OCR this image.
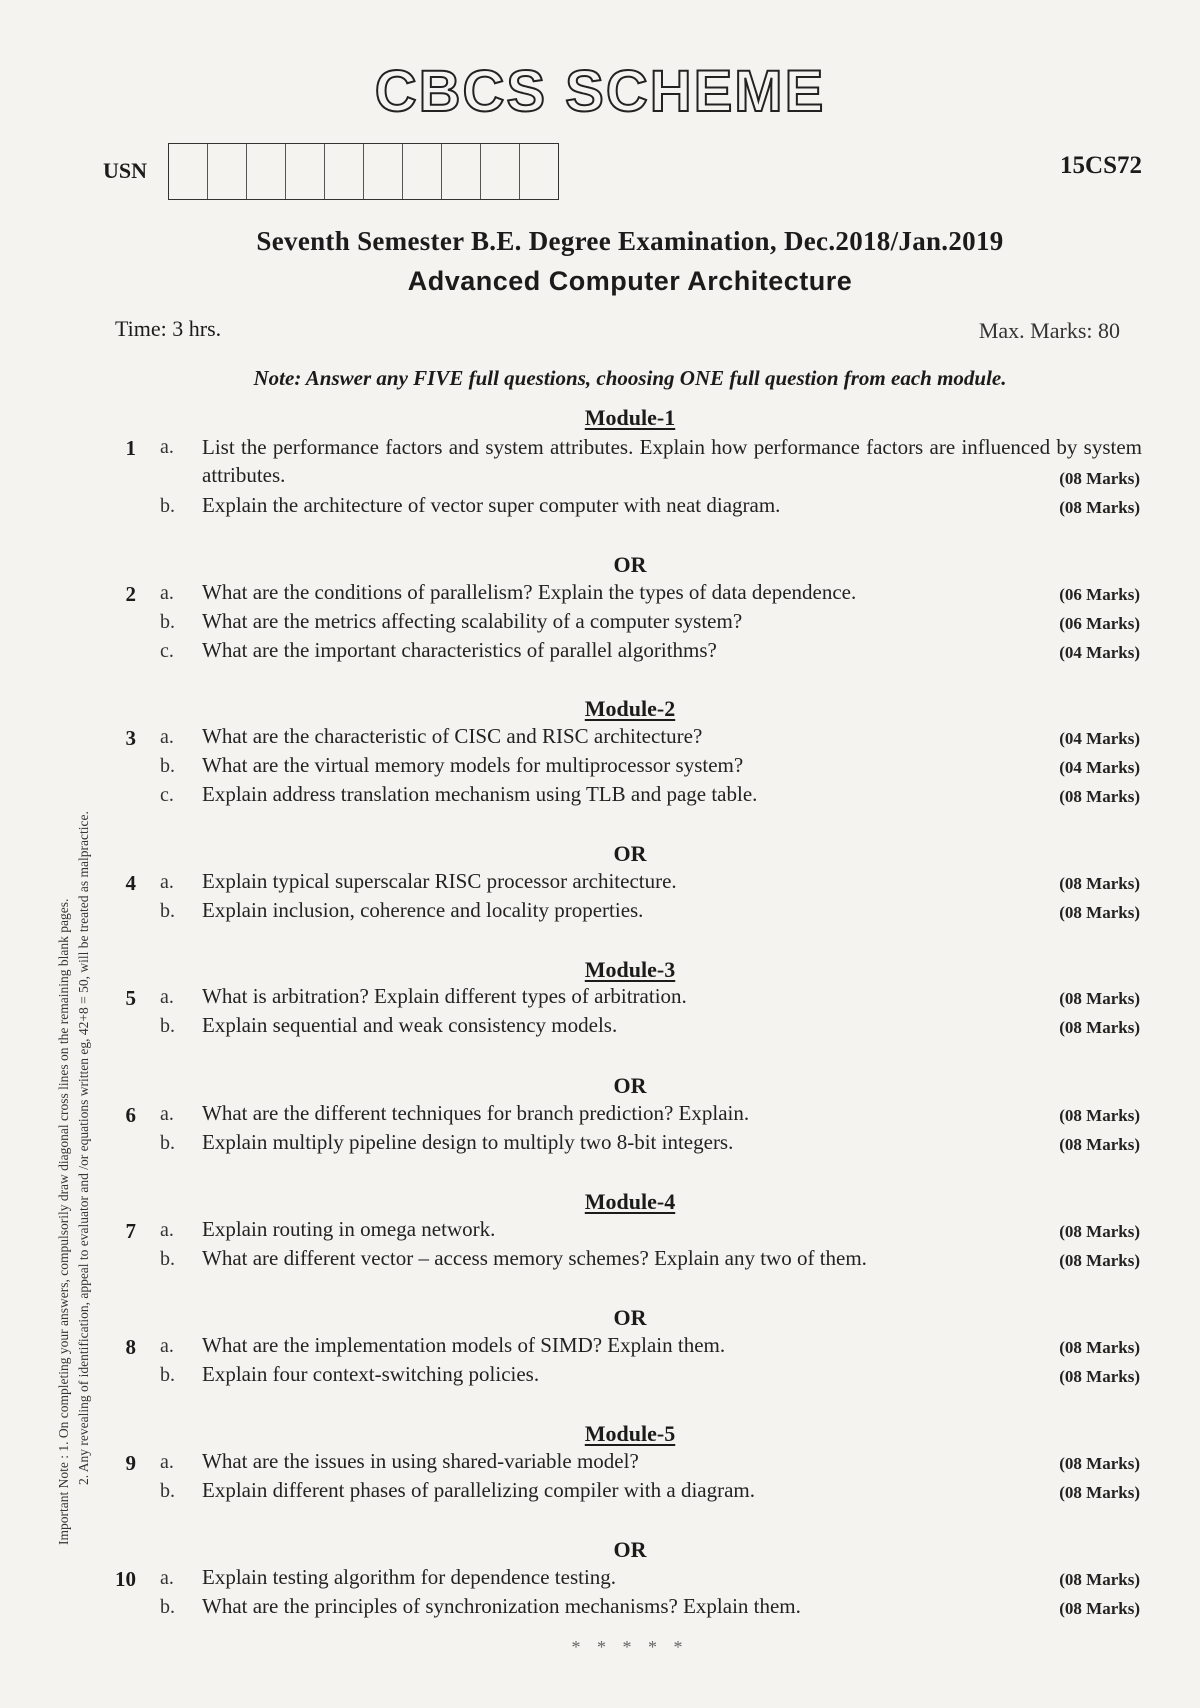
CBCS SCHEME
USN	15CS72
Seventh Semester B.E. Degree Examination, Dec.2018/Jan.2019
Advanced Computer Architecture
Time: 3 hrs.	Max. Marks: 80
Note: Answer any FIVE full questions, choosing ONE full question from each module.
Important Note : 1. On completing your answers, compulsorily draw diagonal cross lines on the remaining blank pages. 2. Any revealing of identification, appeal to evaluator and /or equations written eg, 42+8 = 50, will be treated as malpractice.
Module-1
1 a. List the performance factors and system attributes. Explain how performance factors are influenced by system attributes.	(08 Marks)
b. Explain the architecture of vector super computer with neat diagram.	(08 Marks)
OR
2 a. What are the conditions of parallelism? Explain the types of data dependence.	(06 Marks)
b. What are the metrics affecting scalability of a computer system?	(06 Marks)
c. What are the important characteristics of parallel algorithms?	(04 Marks)
Module-2
3 a. What are the characteristic of CISC and RISC architecture?	(04 Marks)
b. What are the virtual memory models for multiprocessor system?	(04 Marks)
c. Explain address translation mechanism using TLB and page table.	(08 Marks)
OR
4 a. Explain typical superscalar RISC processor architecture.	(08 Marks)
b. Explain inclusion, coherence and locality properties.	(08 Marks)
Module-3
5 a. What is arbitration? Explain different types of arbitration.	(08 Marks)
b. Explain sequential and weak consistency models.	(08 Marks)
OR
6 a. What are the different techniques for branch prediction? Explain.	(08 Marks)
b. Explain multiply pipeline design to multiply two 8-bit integers.	(08 Marks)
Module-4
7 a. Explain routing in omega network.	(08 Marks)
b. What are different vector – access memory schemes? Explain any two of them.	(08 Marks)
OR
8 a. What are the implementation models of SIMD? Explain them.	(08 Marks)
b. Explain four context-switching policies.	(08 Marks)
Module-5
9 a. What are the issues in using shared-variable model?	(08 Marks)
b. Explain different phases of parallelizing compiler with a diagram.	(08 Marks)
OR
10 a. Explain testing algorithm for dependence testing.	(08 Marks)
b. What are the principles of synchronization mechanisms? Explain them.	(08 Marks)
* * * * *
